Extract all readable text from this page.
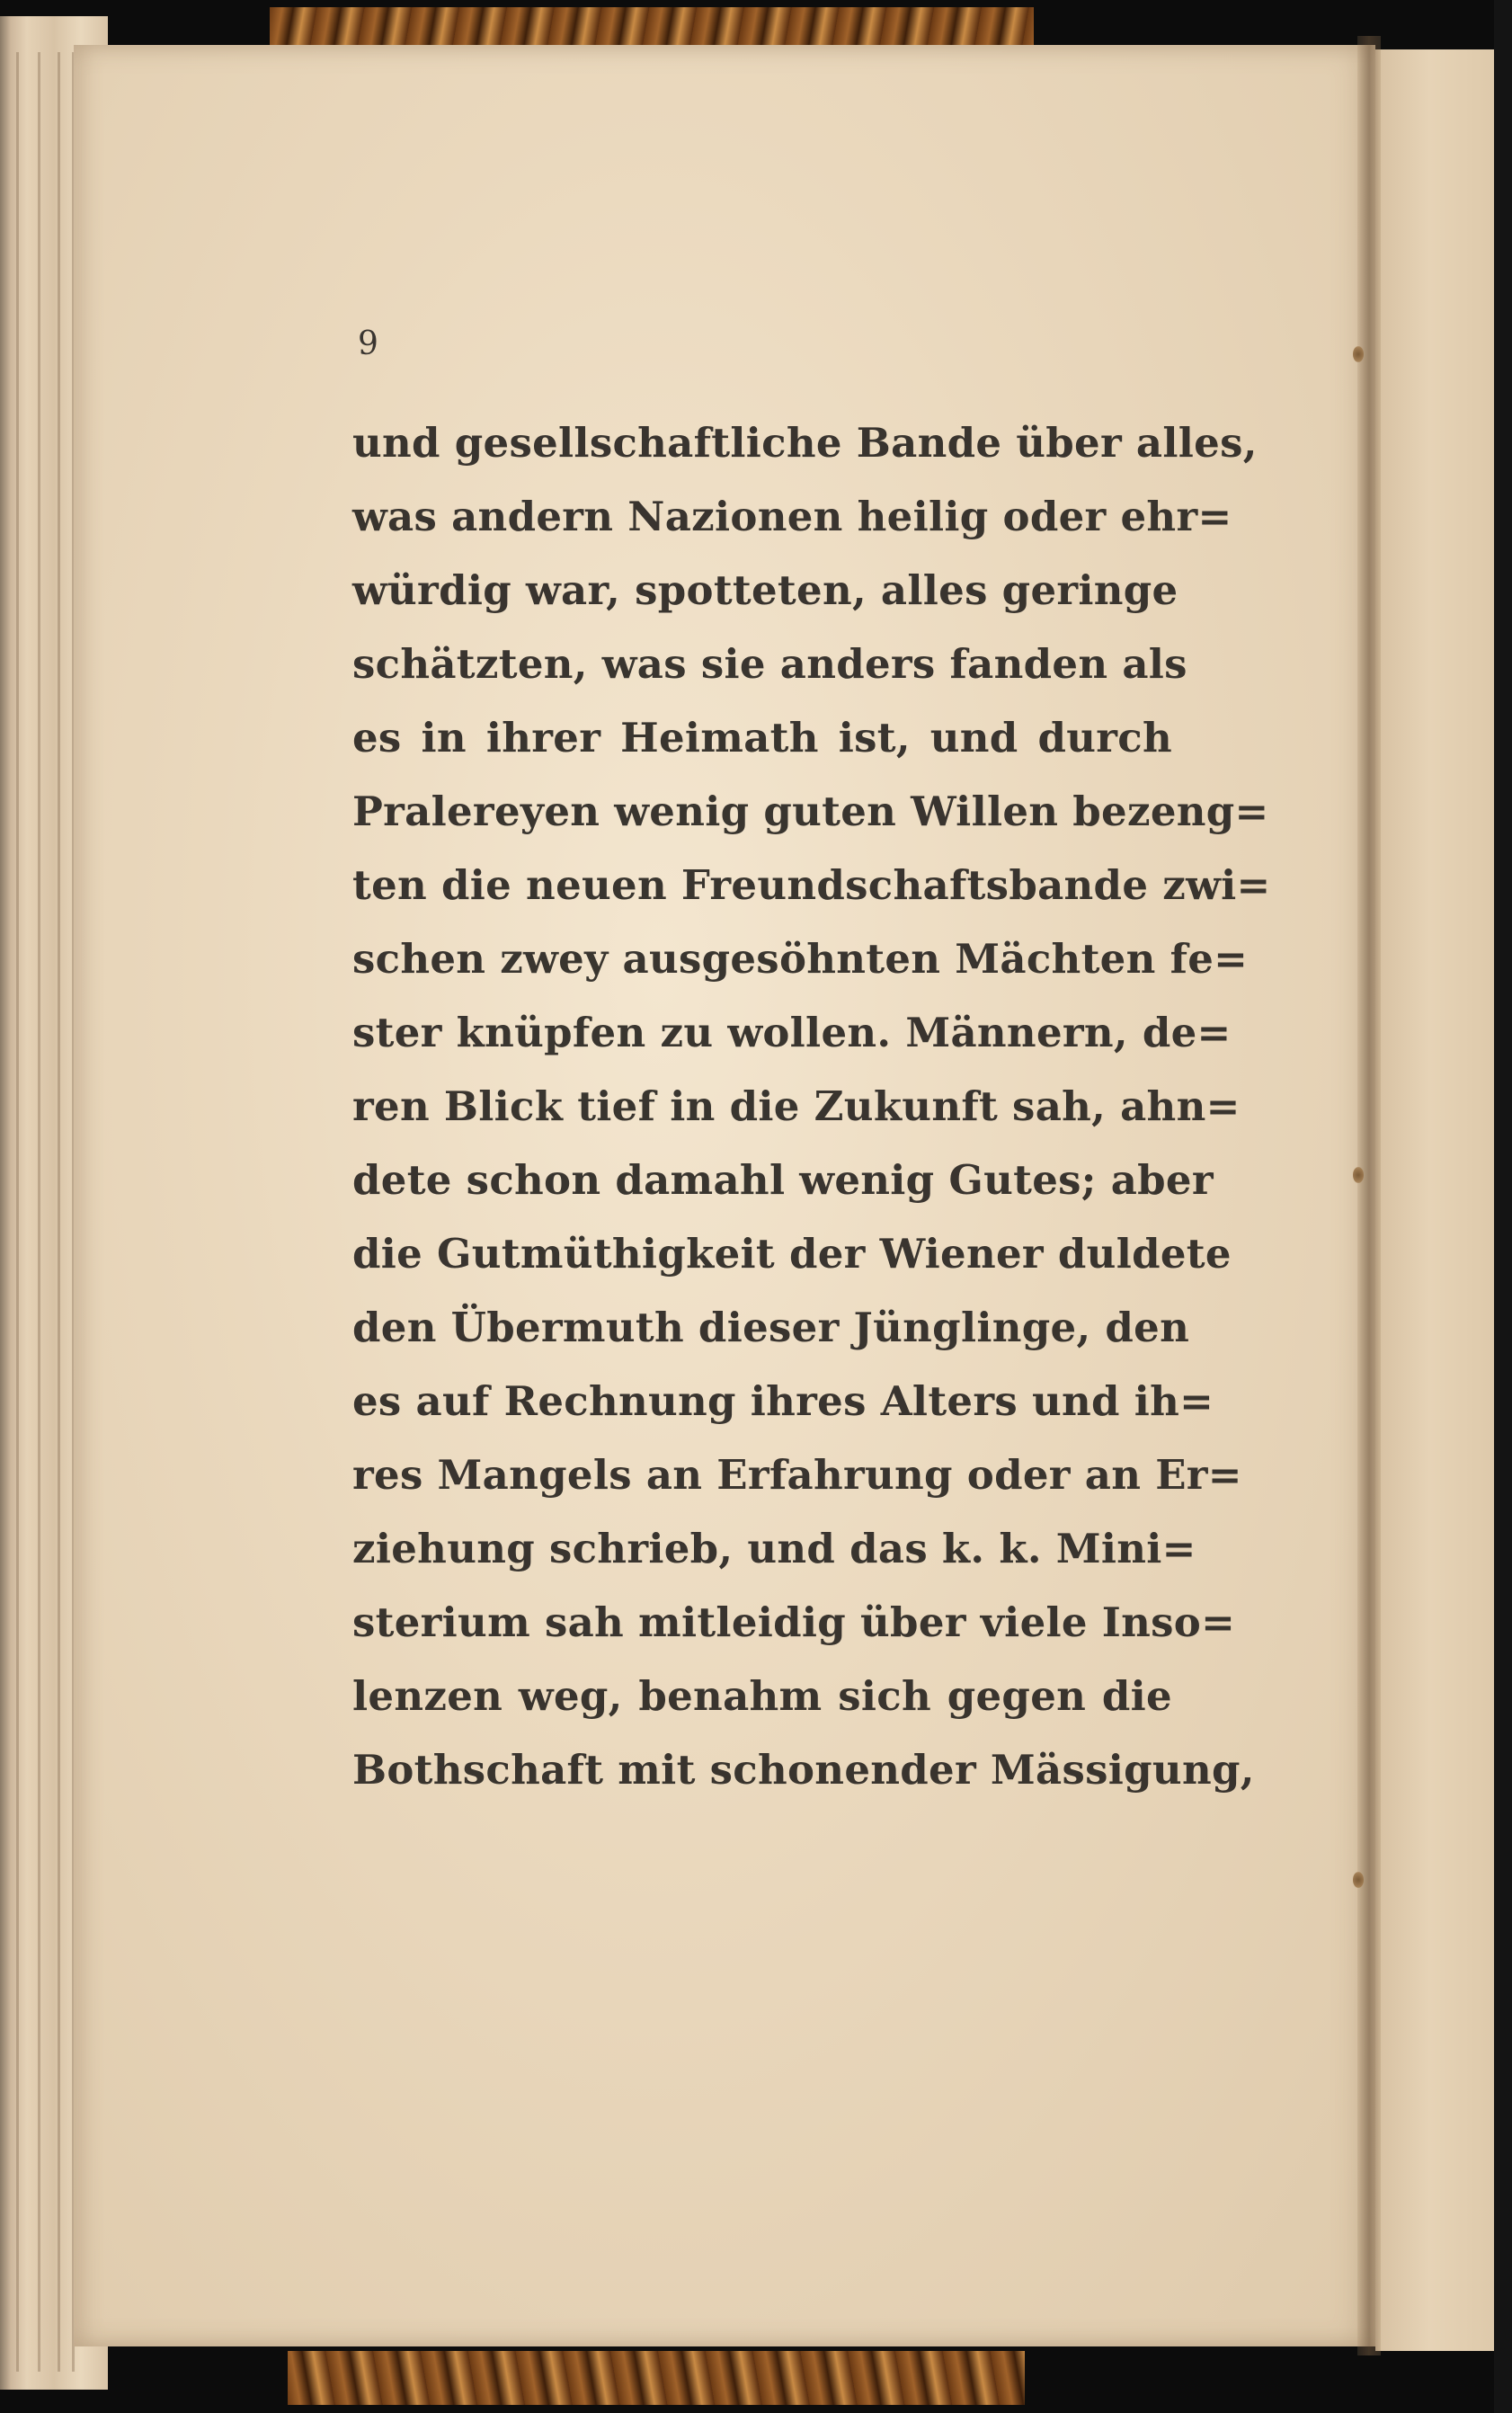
9

und gesellschaftliche Bande über alles,
was andern Nazionen heilig oder ehr=
würdig war, spotteten, alles geringe
schätzten, was sie anders fanden als
es in ihrer Heimath ist, und durch
Pralereyen wenig guten Willen bezeng=
ten die neuen Freundschaftsbande zwi=
schen zwey ausgesöhnten Mächten fe=
ster knüpfen zu wollen. Männern, de=
ren Blick tief in die Zukunft sah, ahn=
dete schon damahl wenig Gutes; aber
die Gutmüthigkeit der Wiener duldete
den Übermuth dieser Jünglinge, den
es auf Rechnung ihres Alters und ih=
res Mangels an Erfahrung oder an Er=
ziehung schrieb, und das k. k. Mini=
sterium sah mitleidig über viele Inso=
lenzen weg, benahm sich gegen die
Bothschaft mit schonender Mässigung,
